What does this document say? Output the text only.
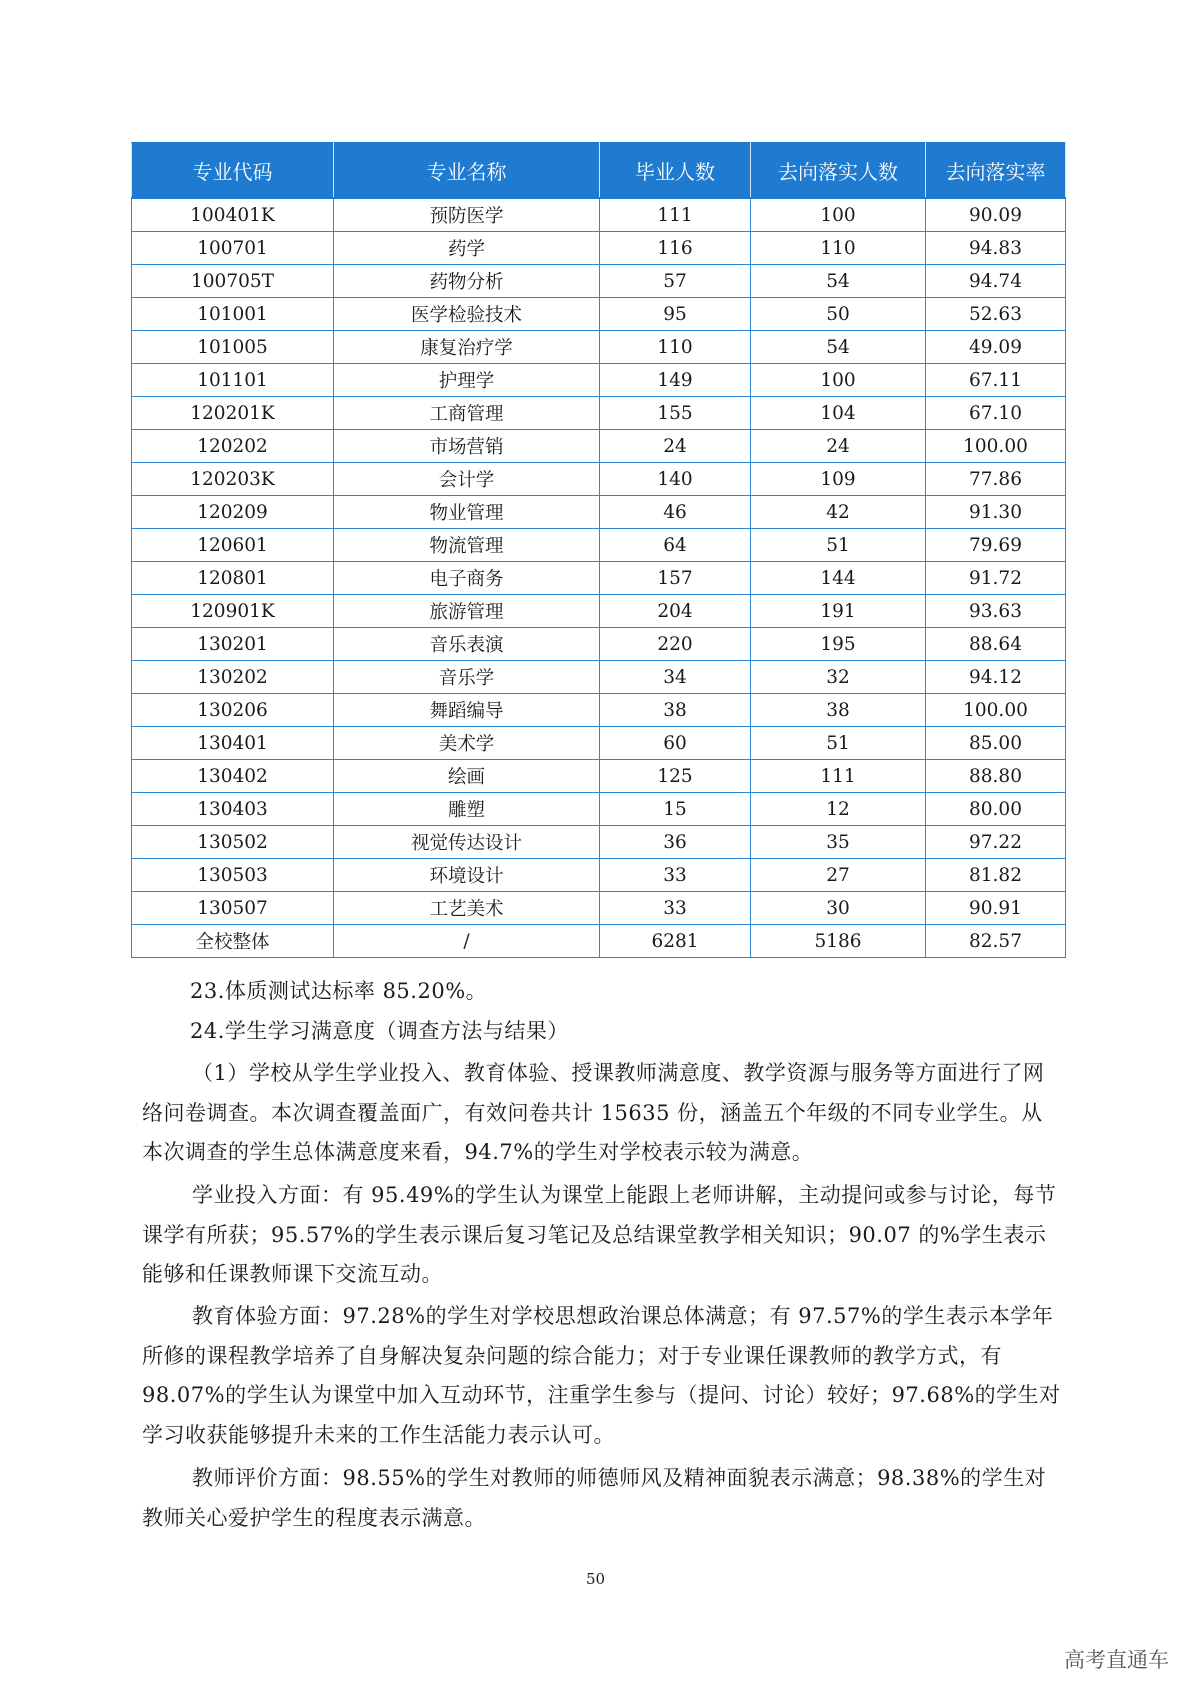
专业代码	专业名称	毕业人数	去向落实人数	去向落实率
100401K	预防医学	111	100	90.09
100701	药学	116	110	94.83
100705T	药物分析	57	54	94.74
101001	医学检验技术	95	50	52.63
101005	康复治疗学	110	54	49.09
101101	护理学	149	100	67.11
120201K	工商管理	155	104	67.10
120202	市场营销	24	24	100.00
120203K	会计学	140	109	77.86
120209	物业管理	46	42	91.30
120601	物流管理	64	51	79.69
120801	电子商务	157	144	91.72
120901K	旅游管理	204	191	93.63
130201	音乐表演	220	195	88.64
130202	音乐学	34	32	94.12
130206	舞蹈编导	38	38	100.00
130401	美术学	60	51	85.00
130402	绘画	125	111	88.80
130403	雕塑	15	12	80.00
130502	视觉传达设计	36	35	97.22
130503	环境设计	33	27	81.82
130507	工艺美术	33	30	90.91
全校整体	/	6281	5186	82.57

23.体质测试达标率 85.20%。

24.学生学习满意度（调查方法与结果）

（1）学校从学生学业投入、教育体验、授课教师满意度、教学资源与服务等方面进行了网络问卷调查。本次调查覆盖面广，有效问卷共计 15635 份，涵盖五个年级的不同专业学生。从本次调查的学生总体满意度来看，94.7%的学生对学校表示较为满意。

学业投入方面：有 95.49%的学生认为课堂上能跟上老师讲解，主动提问或参与讨论，每节课学有所获；95.57%的学生表示课后复习笔记及总结课堂教学相关知识；90.07 的%学生表示能够和任课教师课下交流互动。

教育体验方面：97.28%的学生对学校思想政治课总体满意；有 97.57%的学生表示本学年所修的课程教学培养了自身解决复杂问题的综合能力；对于专业课任课教师的教学方式，有 98.07%的学生认为课堂中加入互动环节，注重学生参与（提问、讨论）较好；97.68%的学生对学习收获能够提升未来的工作生活能力表示认可。

教师评价方面：98.55%的学生对教师的师德师风及精神面貌表示满意；98.38%的学生对教师关心爱护学生的程度表示满意。

50
高考直通车
